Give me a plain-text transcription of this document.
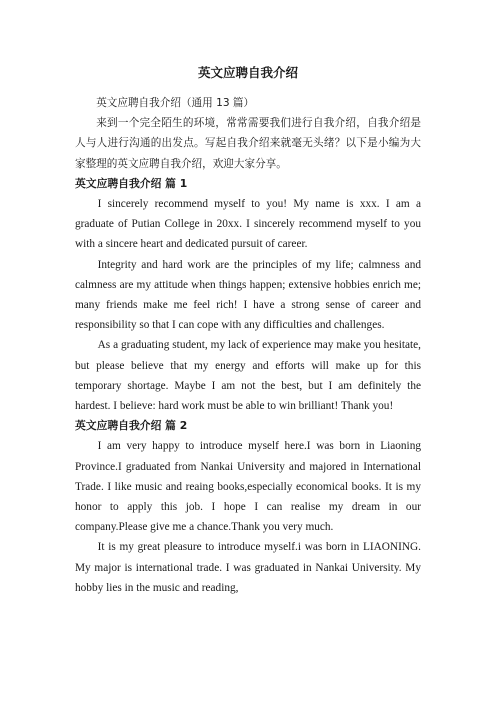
英文应聘自我介绍

英文应聘自我介绍（通用 13 篇）

来到一个完全陌生的环境，常常需要我们进行自我介绍，自我介绍是人与人进行沟通的出发点。写起自我介绍来就毫无头绪？以下是小编为大家整理的英文应聘自我介绍，欢迎大家分享。

英文应聘自我介绍 篇 1

I sincerely recommend myself to you! My name is xxx. I am a graduate of Putian College in 20xx. I sincerely recommend myself to you with a sincere heart and dedicated pursuit of career.

Integrity and hard work are the principles of my life; calmness and calmness are my attitude when things happen; extensive hobbies enrich me; many friends make me feel rich! I have a strong sense of career and responsibility so that I can cope with any difficulties and challenges.

As a graduating student, my lack of experience may make you hesitate, but please believe that my energy and efforts will make up for this temporary shortage. Maybe I am not the best, but I am definitely the hardest. I believe: hard work must be able to win brilliant! Thank you!

英文应聘自我介绍 篇 2

I am very happy to introduce myself here.I was born in Liaoning Province.I graduated from Nankai University and majored in International Trade. I like music and reaing books,especially economical books. It is my honor to apply this job. I hope I can realise my dream in our company.Please give me a chance.Thank you very much.

It is my great pleasure to introduce myself.i was born in LIAONING. My major is international trade. I was graduated in Nankai University. My hobby lies in the music and reading,
